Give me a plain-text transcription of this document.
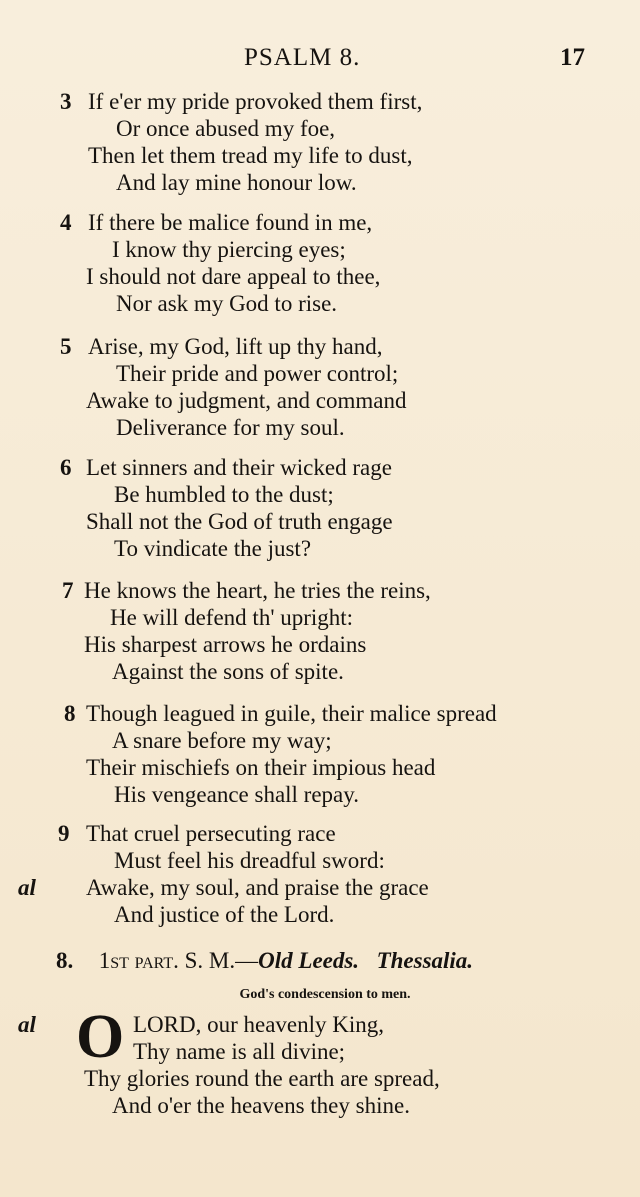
PSALM 8.	17
3 If e'er my pride provoked them first,
Or once abused my foe,
Then let them tread my life to dust,
And lay mine honour low.
4 If there be malice found in me,
I know thy piercing eyes;
I should not dare appeal to thee,
Nor ask my God to rise.
5 Arise, my God, lift up thy hand,
Their pride and power control;
Awake to judgment, and command
Deliverance for my soul.
6 Let sinners and their wicked rage
Be humbled to the dust;
Shall not the God of truth engage
To vindicate the just?
7 He knows the heart, he tries the reins,
He will defend th' upright:
His sharpest arrows he ordains
Against the sons of spite.
8 Though leagued in guile, their malice spread
A snare before my way;
Their mischiefs on their impious head
His vengeance shall repay.
9 That cruel persecuting race
Must feel his dreadful sword:
al Awake, my soul, and praise the grace
And justice of the Lord.
8. 1st part. S. M.—Old Leeds. Thessalia.
God's condescension to men.
al O LORD, our heavenly King,
Thy name is all divine;
Thy glories round the earth are spread,
And o'er the heavens they shine.
